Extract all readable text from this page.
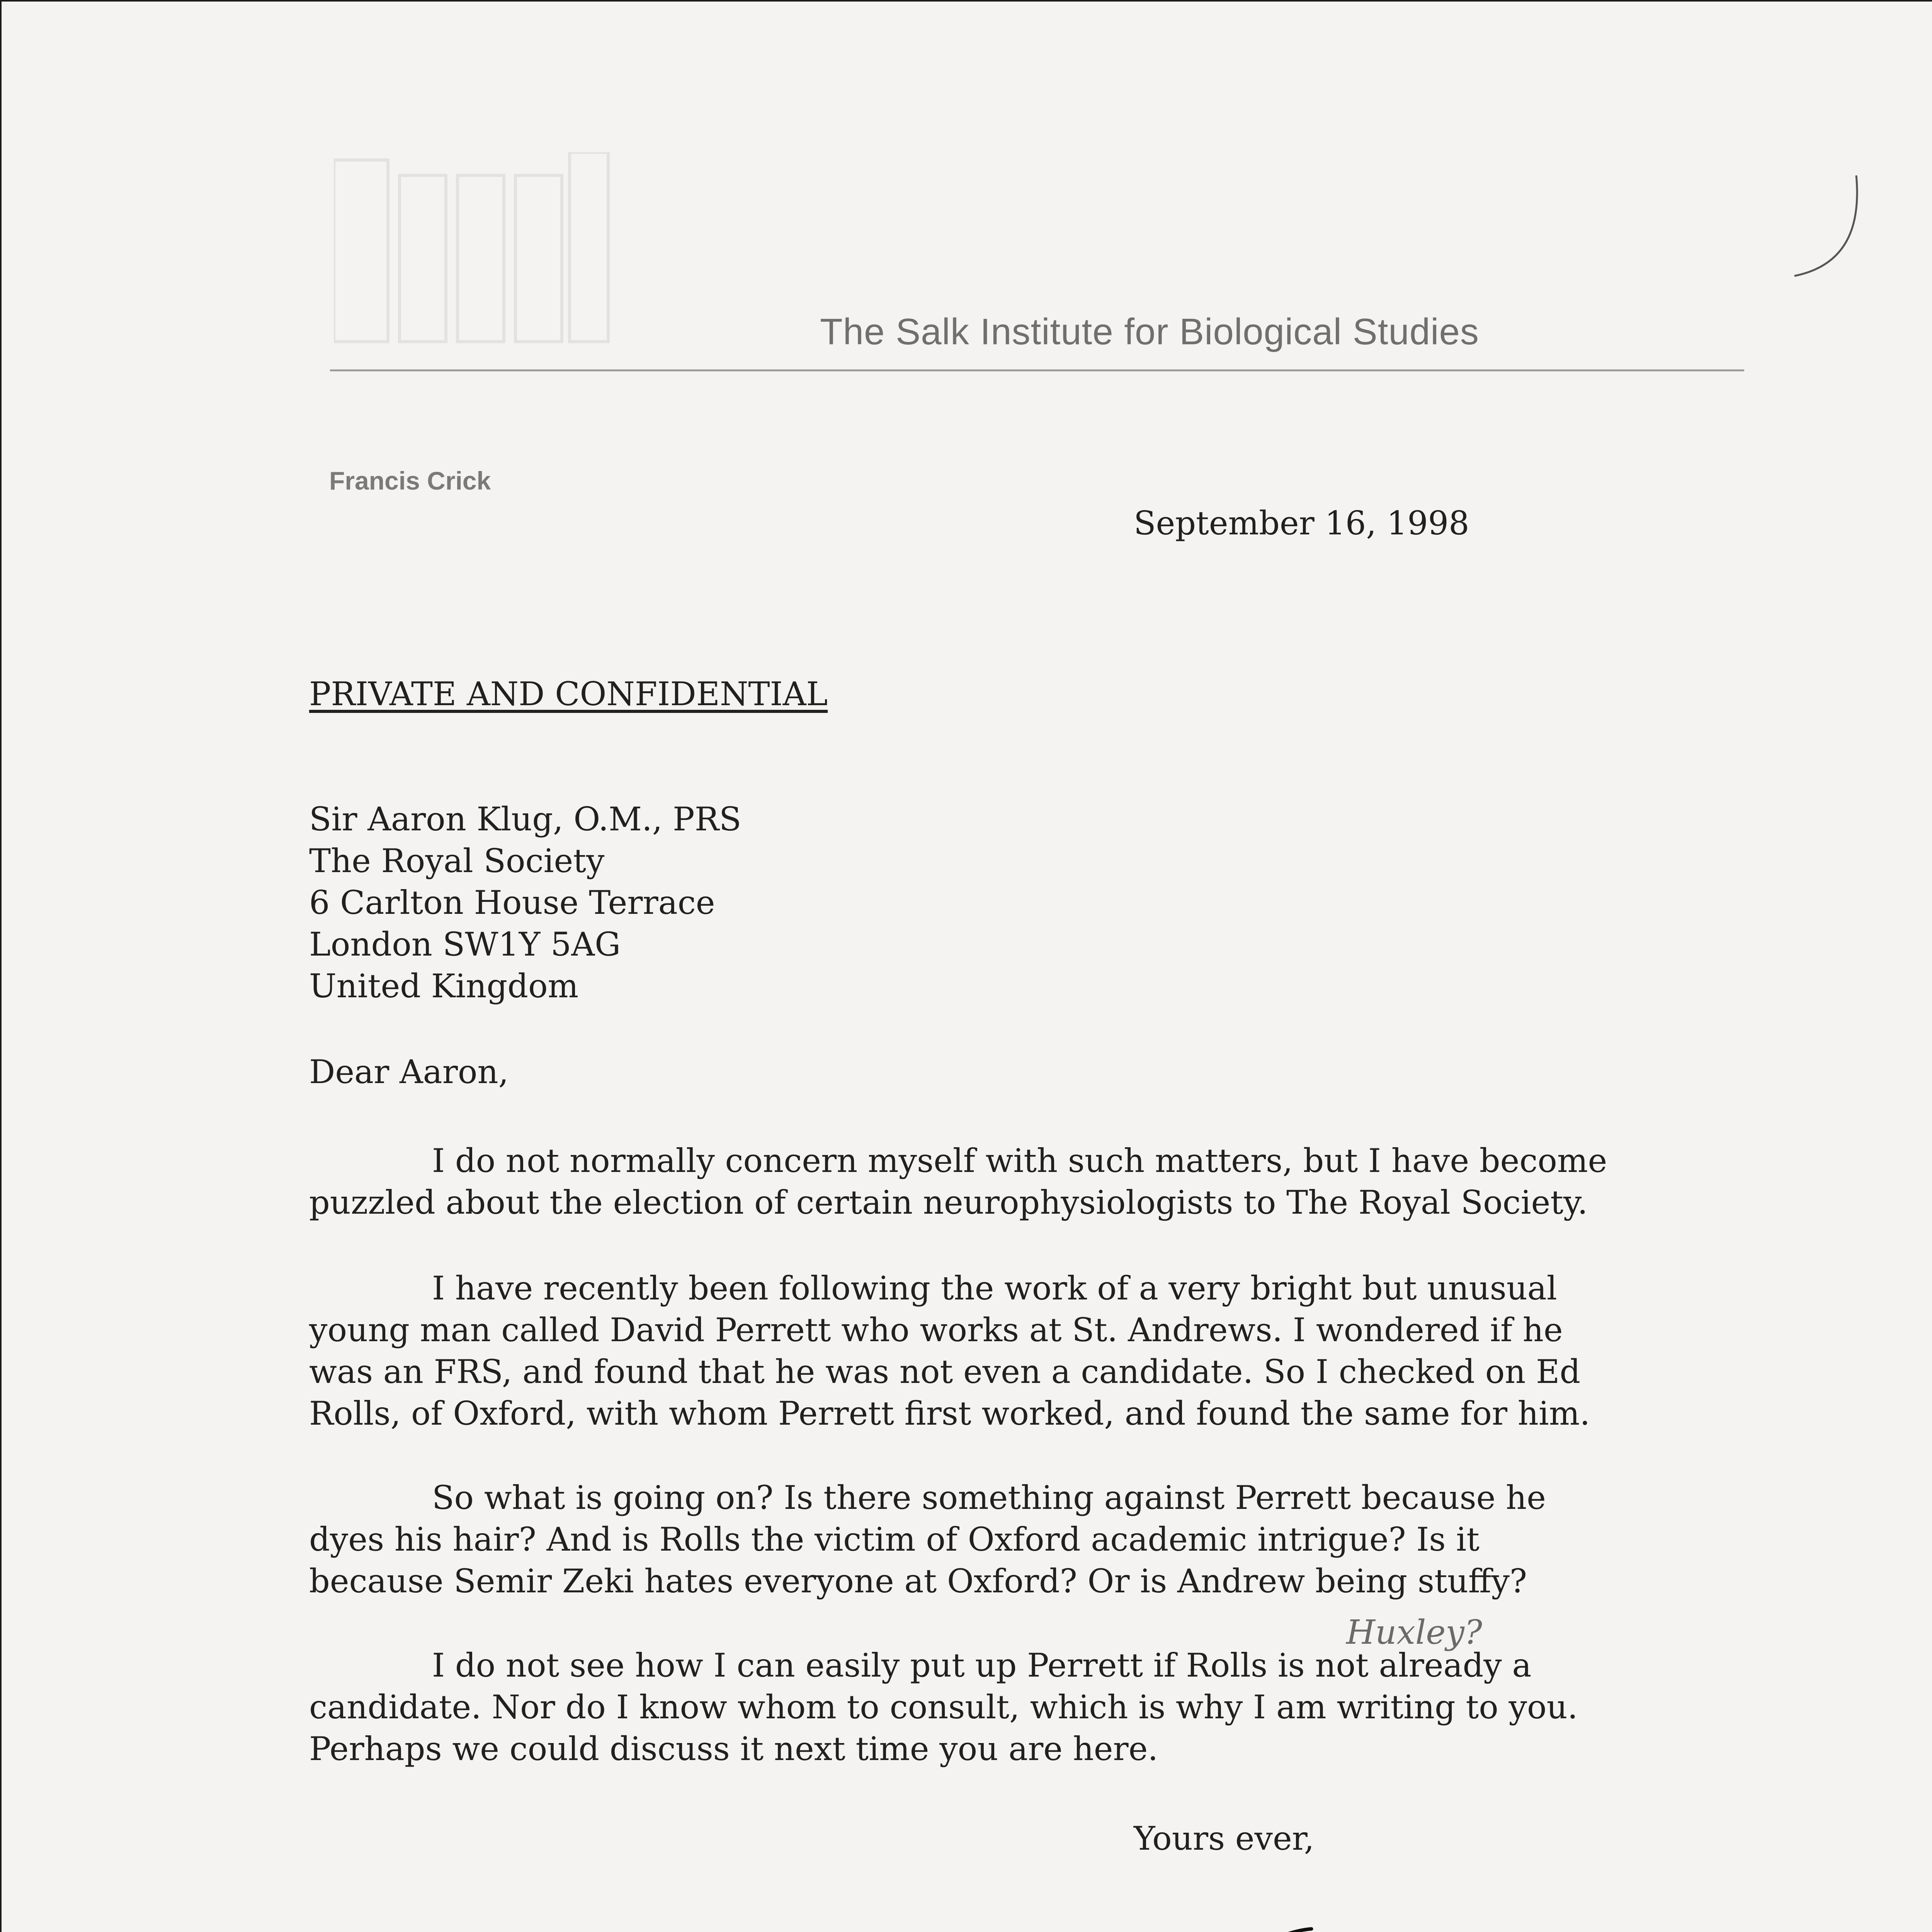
The Salk Institute for Biological Studies
Francis Crick
September 16, 1998
PRIVATE AND CONFIDENTIAL
Sir Aaron Klug, O.M., PRS
The Royal Society
6 Carlton House Terrace
London SW1Y 5AG
United Kingdom
Dear Aaron,
I do not normally concern myself with such matters, but I have become
puzzled about the election of certain neurophysiologists to The Royal Society.
I have recently been following the work of a very bright but unusual
young man called David Perrett who works at St. Andrews. I wondered if he
was an FRS, and found that he was not even a candidate. So I checked on Ed
Rolls, of Oxford, with whom Perrett first worked, and found the same for him.
So what is going on? Is there something against Perrett because he
dyes his hair? And is Rolls the victim of Oxford academic intrigue? Is it
because Semir Zeki hates everyone at Oxford? Or is Andrew being stuffy?
Huxley?
I do not see how I can easily put up Perrett if Rolls is not already a
candidate. Nor do I know whom to consult, which is why I am writing to you.
Perhaps we could discuss it next time you are here.
Yours ever,
